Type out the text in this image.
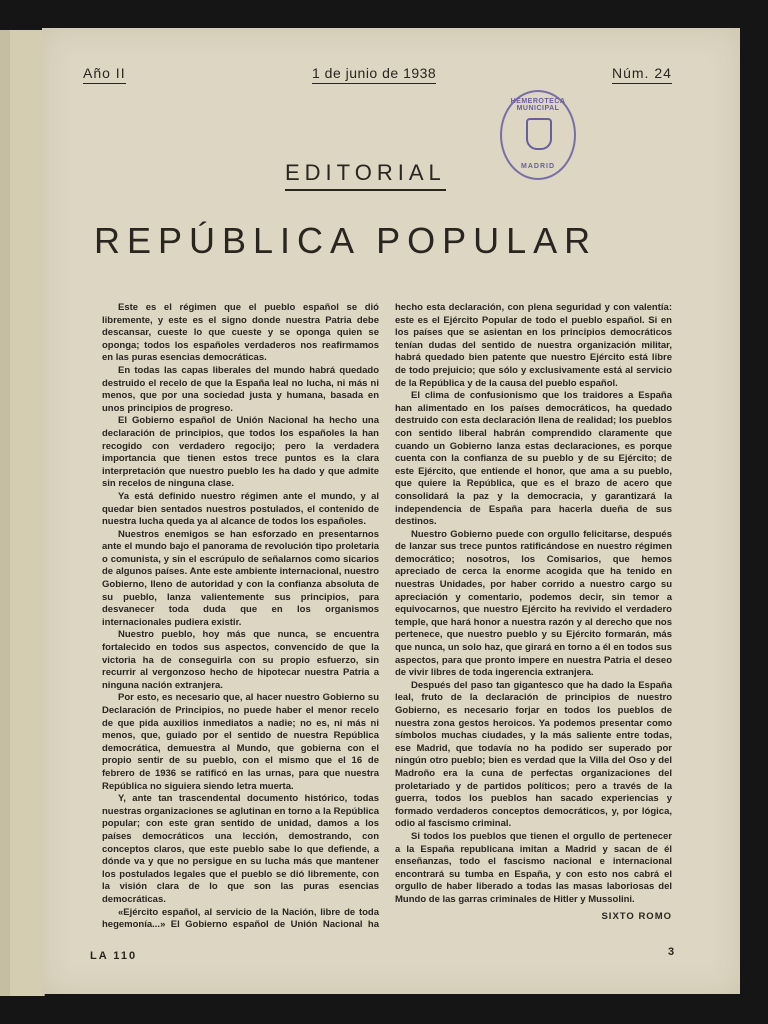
Año II	1 de junio de 1938	Núm. 24
HEMEROTECA MUNICIPAL
MADRID
EDITORIAL
REPÚBLICA POPULAR

Este es el régimen que el pueblo español se dió libremente, y este es el signo donde nuestra Patria debe descansar, cueste lo que cueste y se oponga quien se oponga; todos los españoles verdaderos nos reafirmamos en las puras esencias democráticas.

En todas las capas liberales del mundo habrá quedado destruido el recelo de que la España leal no lucha, ni más ni menos, que por una sociedad justa y humana, basada en unos principios de progreso.

El Gobierno español de Unión Nacional ha hecho una declaración de principios, que todos los españoles la han recogido con verdadero regocijo; pero la verdadera importancia que tienen estos trece puntos es la clara interpretación que nuestro pueblo les ha dado y que admite sin recelos de ninguna clase.

Ya está definido nuestro régimen ante el mundo, y al quedar bien sentados nuestros postulados, el contenido de nuestra lucha queda ya al alcance de todos los españoles.

Nuestros enemigos se han esforzado en presentarnos ante el mundo bajo el panorama de revolución tipo proletaria o comunista, y sin el escrúpulo de señalarnos como sicarios de algunos países. Ante este ambiente internacional, nuestro Gobierno, lleno de autoridad y con la confianza absoluta de su pueblo, lanza valientemente sus principios, para desvanecer toda duda que en los organismos internacionales pudiera existir.

Nuestro pueblo, hoy más que nunca, se encuentra fortalecido en todos sus aspectos, convencido de que la victoria ha de conseguirla con su propio esfuerzo, sin recurrir al vergonzoso hecho de hipotecar nuestra Patria a ninguna nación extranjera.

Por esto, es necesario que, al hacer nuestro Gobierno su Declaración de Principios, no puede haber el menor recelo de que pida auxilios inmediatos a nadie; no es, ni más ni menos, que, guiado por el sentido de nuestra República democrática, demuestra al Mundo, que gobierna con el propio sentir de su pueblo, con el mismo que el 16 de febrero de 1936 se ratificó en las urnas, para que nuestra República no siguiera siendo letra muerta.

Y, ante tan trascendental documento histórico, todas nuestras organizaciones se aglutinan en torno a la República popular; con este gran sentido de unidad, damos a los países democráticos una lección, demostrando, con conceptos claros, que este pueblo sabe lo que defiende, a dónde va y que no persigue en su lucha más que mantener los postulados legales que el pueblo se dió libremente, con la visión clara de lo que son las puras esencias democráticas.

«Ejército español, al servicio de la Nación, libre de toda hegemonía...» El Gobierno español de Unión Nacional ha hecho esta declaración, con plena seguridad y con valentía: este es el Ejército Popular de todo el pueblo español. Si en los países que se asientan en los principios democráticos tenían dudas del sentido de nuestra organización militar, habrá quedado bien patente que nuestro Ejército está libre de todo prejuicio; que sólo y exclusivamente está al servicio de la República y de la causa del pueblo español.

El clima de confusionismo que los traidores a España han alimentado en los países democráticos, ha quedado destruido con esta declaración llena de realidad; los pueblos con sentido liberal habrán comprendido claramente que cuando un Gobierno lanza estas declaraciones, es porque cuenta con la confianza de su pueblo y de su Ejército; de este Ejército, que entiende el honor, que ama a su pueblo, que quiere la República, que es el brazo de acero que consolidará la paz y la democracia, y garantizará la independencia de España para hacerla dueña de sus destinos.

Nuestro Gobierno puede con orgullo felicitarse, después de lanzar sus trece puntos ratificándose en nuestro régimen democrático; nosotros, los Comisarios, que hemos apreciado de cerca la enorme acogida que ha tenido en nuestras Unidades, por haber corrido a nuestro cargo su apreciación y comentario, podemos decir, sin temor a equivocarnos, que nuestro Ejército ha revivido el verdadero temple, que hará honor a nuestra razón y al derecho que nos pertenece, que nuestro pueblo y su Ejército formarán, más que nunca, un solo haz, que girará en torno a él en todos sus aspectos, para que pronto impere en nuestra Patria el deseo de vivir libres de toda ingerencia extranjera.

Después del paso tan gigantesco que ha dado la España leal, fruto de la declaración de principios de nuestro Gobierno, es necesario forjar en todos los pueblos de nuestra zona gestos heroicos. Ya podemos presentar como símbolos muchas ciudades, y la más saliente entre todas, ese Madrid, que todavía no ha podido ser superado por ningún otro pueblo; bien es verdad que la Villa del Oso y del Madroño era la cuna de perfectas organizaciones del proletariado y de partidos políticos; pero a través de la guerra, todos los pueblos han sacado experiencias y formado verdaderos conceptos democráticos, y, por lógica, odio al fascismo criminal.

Si todos los pueblos que tienen el orgullo de pertenecer a la España republicana imitan a Madrid y sacan de él enseñanzas, todo el fascismo nacional e internacional encontrará su tumba en España, y con esto nos cabrá el orgullo de haber liberado a todas las masas laboriosas del Mundo de las garras criminales de Hitler y Mussolini.

SIXTO ROMO
LA 110	3
